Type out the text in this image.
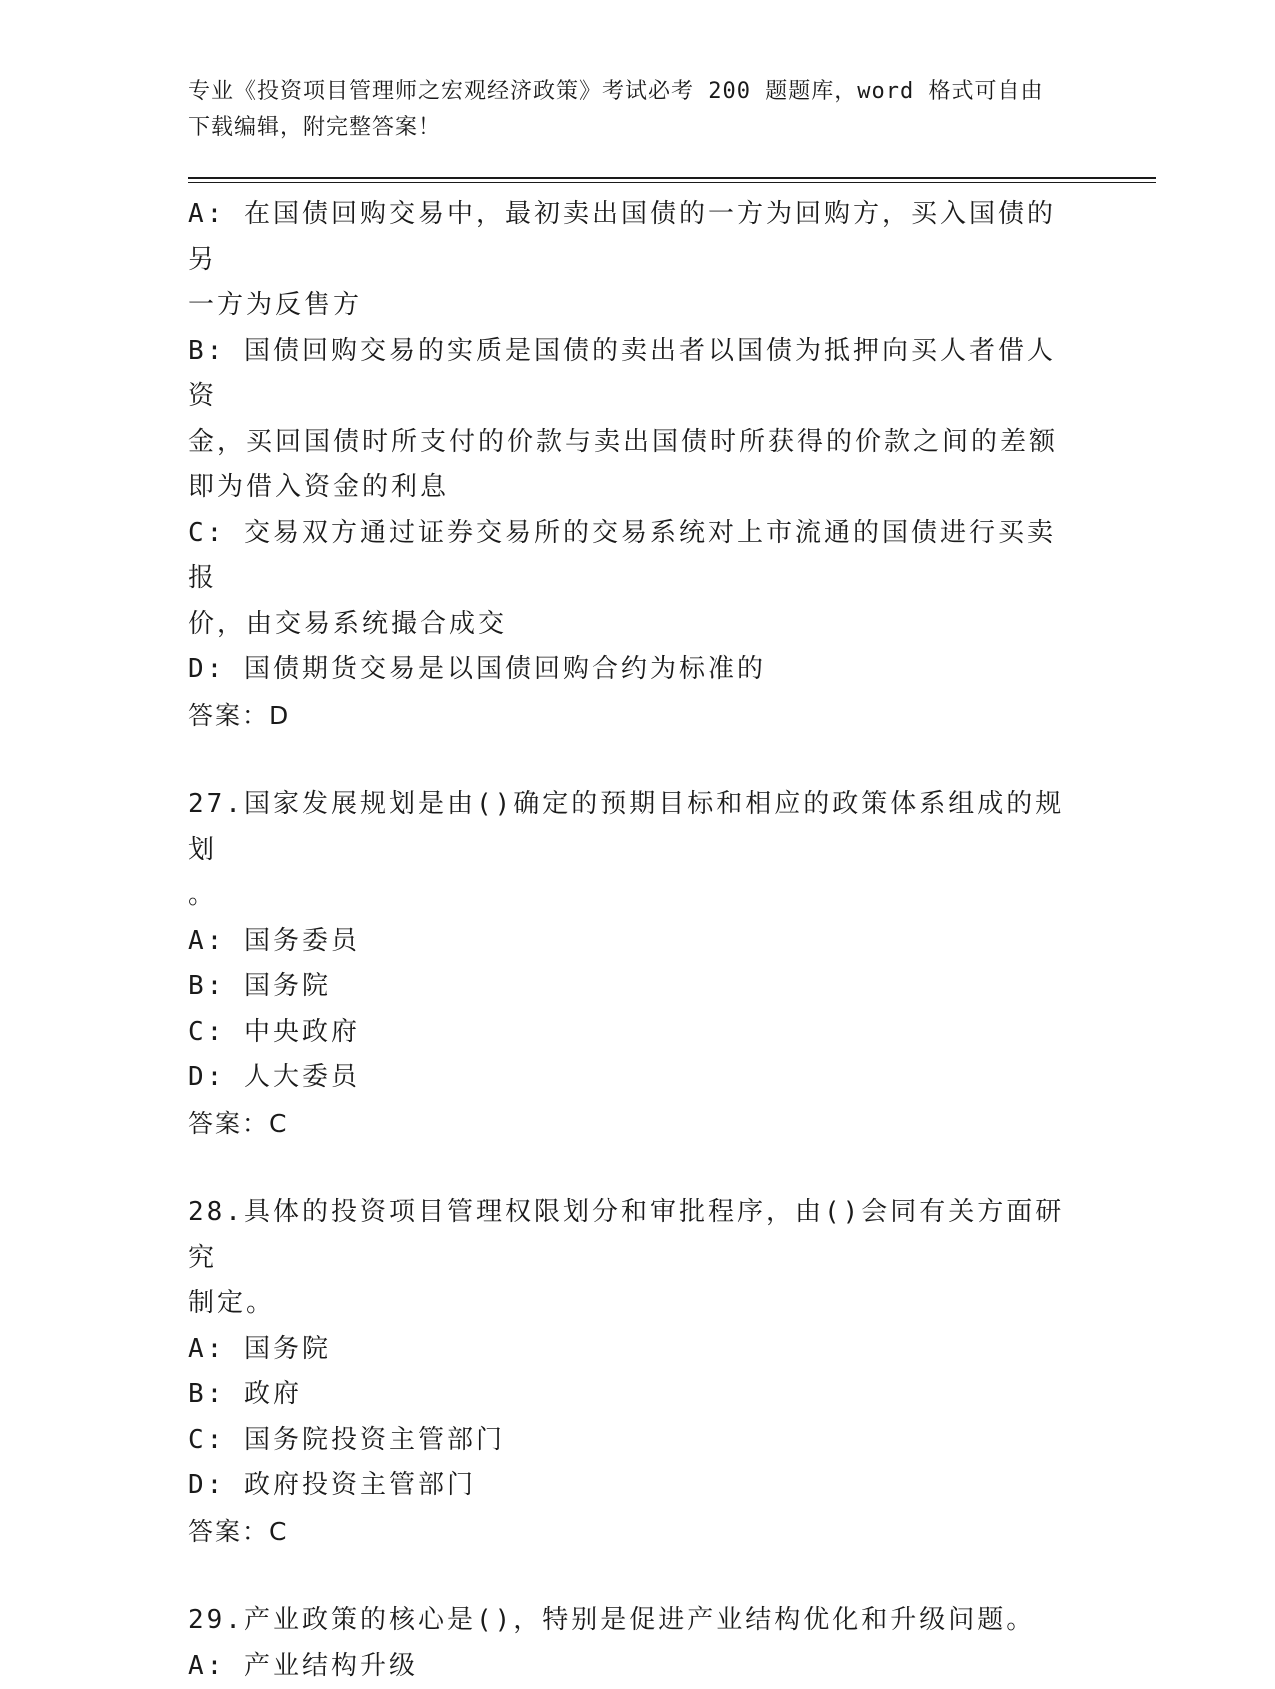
专业《投资项目管理师之宏观经济政策》考试必考 200 题题库，word 格式可自由
下载编辑，附完整答案！
A: 在国债回购交易中，最初卖出国债的一方为回购方，买入国债的另
一方为反售方
B: 国债回购交易的实质是国债的卖出者以国债为抵押向买人者借人资
金，买回国债时所支付的价款与卖出国债时所获得的价款之间的差额
即为借入资金的利息
C: 交易双方通过证券交易所的交易系统对上市流通的国债进行买卖报
价，由交易系统撮合成交
D: 国债期货交易是以国债回购合约为标准的
答案：D
27.国家发展规划是由()确定的预期目标和相应的政策体系组成的规划
。
A: 国务委员
B: 国务院
C: 中央政府
D: 人大委员
答案：C
28.具体的投资项目管理权限划分和审批程序，由()会同有关方面研究
制定。
A: 国务院
B: 政府
C: 国务院投资主管部门
D: 政府投资主管部门
答案：C
29.产业政策的核心是()，特别是促进产业结构优化和升级问题。
A: 产业结构升级
